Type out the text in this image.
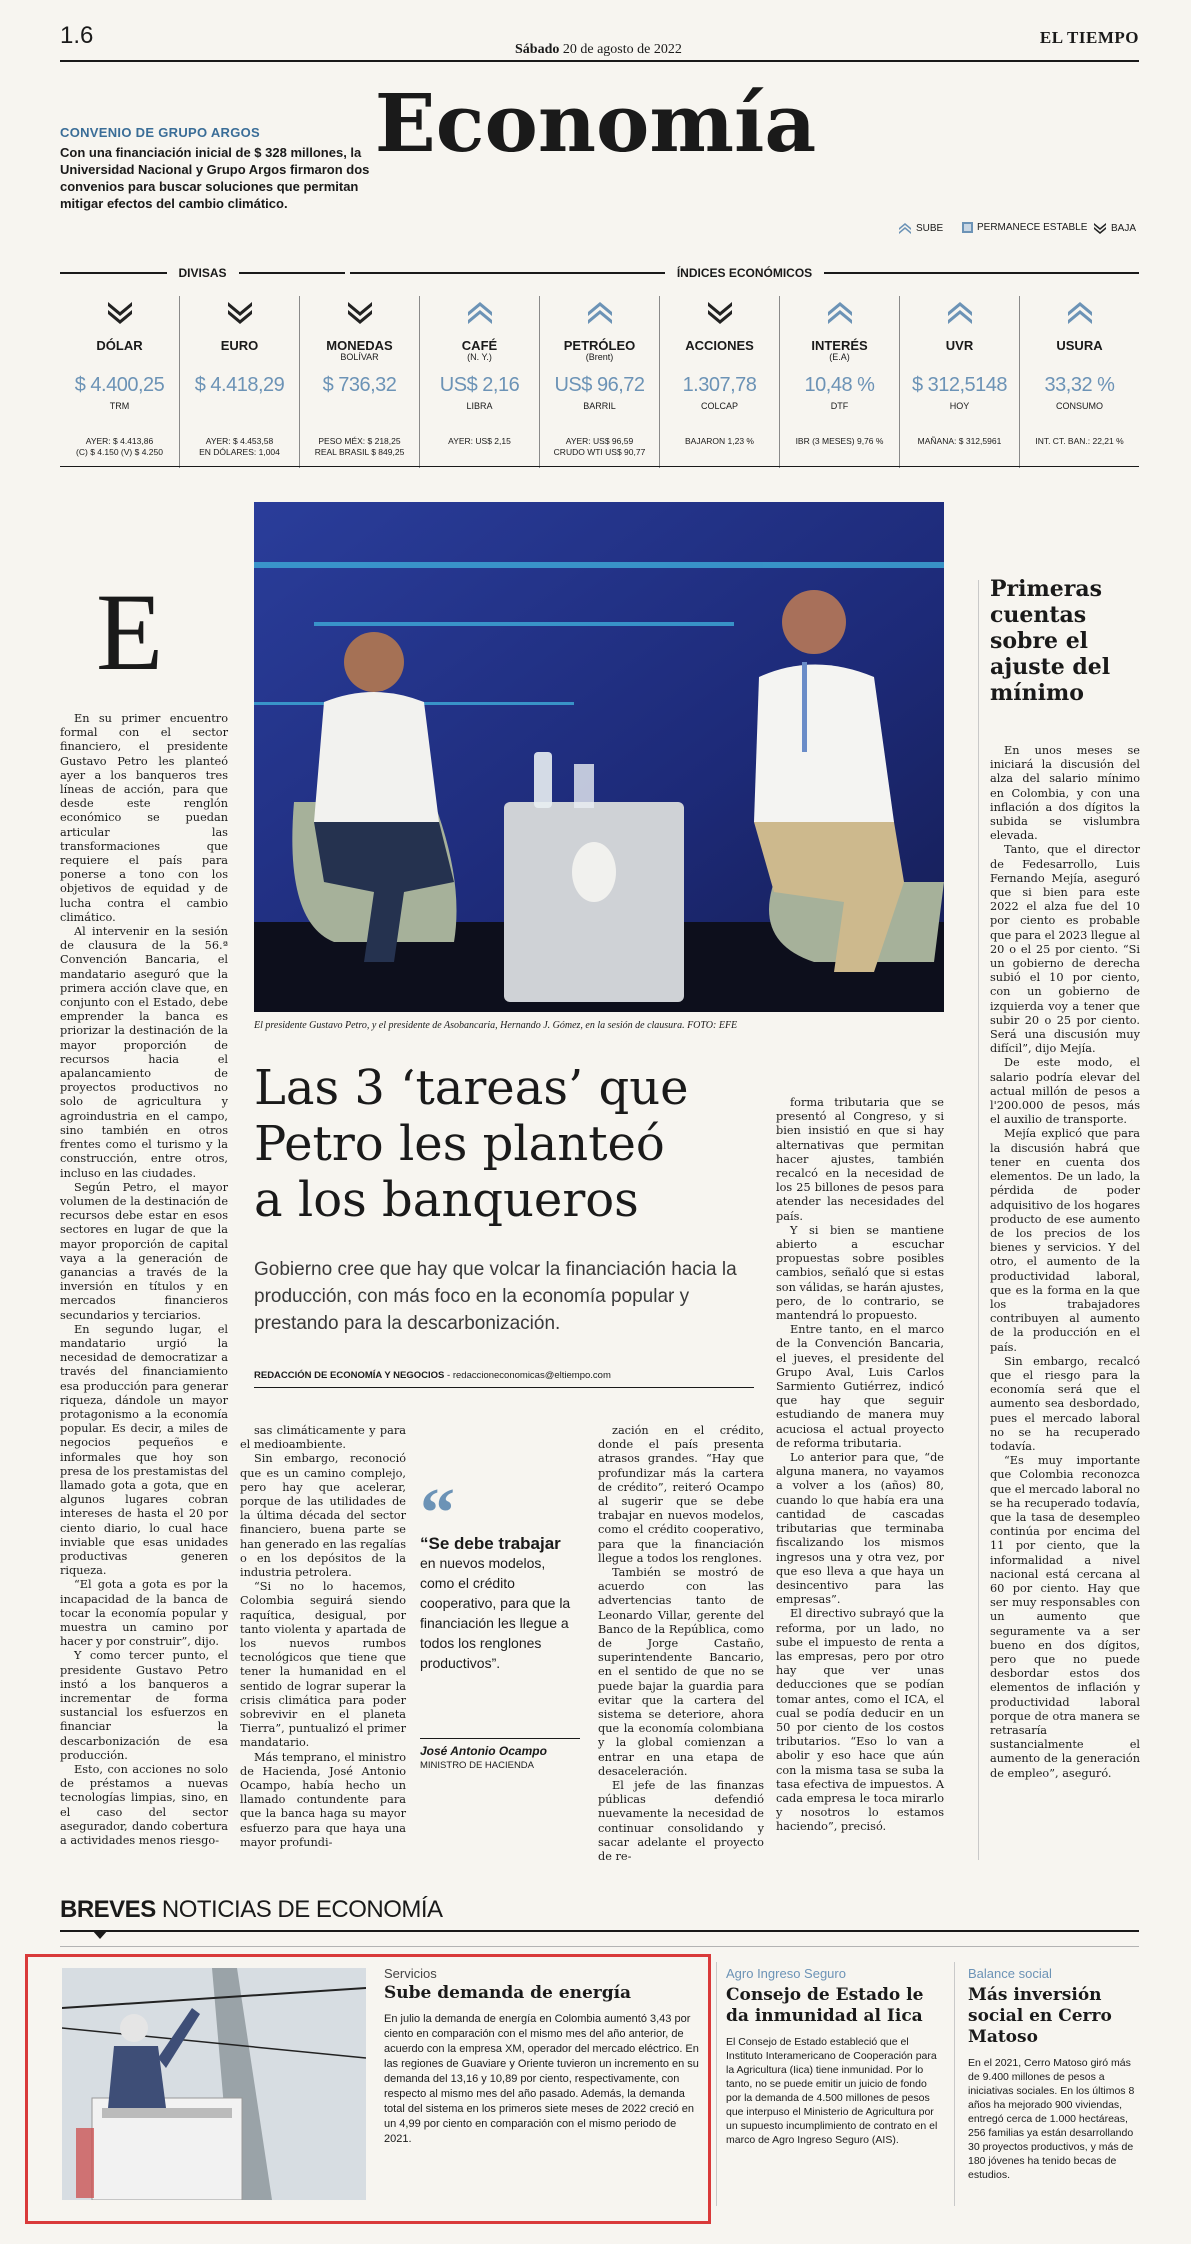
1.6
Sábado 20 de agosto de 2022
EL TIEMPO
Economía
CONVENIO DE GRUPO ARGOS
Con una financiación inicial de $ 328 millones, la Universidad Nacional y Grupo Argos firmaron dos convenios para buscar soluciones que permitan mitigar efectos del cambio climático.
SUBE	PERMANECE ESTABLE BAJA
DIVISAS	ÍNDICES ECONÓMICOS
DÓLAR
$ 4.400,25
TRM
AYER: $ 4.413,86
(C) $ 4.150 (V) $ 4.250
EURO
$ 4.418,29
AYER: $ 4.453,58
EN DÓLARES: 1,004
MONEDAS
BOLÍVAR
$ 736,32
PESO MÉX: $ 218,25
REAL BRASIL $ 849,25
CAFÉ
(N. Y.)
US$ 2,16
LIBRA
AYER: US$ 2,15
PETRÓLEO
(Brent)
US$ 96,72
BARRIL
AYER: US$ 96,59
CRUDO WTI US$ 90,77
ACCIONES
1.307,78
COLCAP
BAJARON 1,23 %
INTERÉS
(E.A)
10,48 %
DTF
IBR (3 MESES) 9,76 %
UVR
$ 312,5148
HOY
MAÑANA: $ 312,5961
USURA
33,32 %
CONSUMO
INT. CT. BAN.: 22,21 %
El presidente Gustavo Petro, y el presidente de Asobancaria, Hernando J. Gómez, en la sesión de clausura. FOTO: EFE
E

En su primer encuentro formal con el sector financiero, el presidente Gustavo Petro les planteó ayer a los banqueros tres líneas de acción, para que desde este renglón económico se puedan articular las transformaciones que requiere el país para ponerse a tono con los objetivos de equidad y de lucha contra el cambio climático.

Al intervenir en la sesión de clausura de la 56.ª Convención Bancaria, el mandatario aseguró que la primera acción clave que, en conjunto con el Estado, debe emprender la banca es priorizar la destinación de la mayor proporción de recursos hacia el apalancamiento de proyectos productivos no solo de agricultura y agroindustria en el campo, sino también en otros frentes como el turismo y la construcción, entre otros, incluso en las ciudades.

Según Petro, el mayor volumen de la destinación de recursos debe estar en esos sectores en lugar de que la mayor proporción de capital vaya a la generación de ganancias a través de la inversión en títulos y en mercados financieros secundarios y terciarios.

En segundo lugar, el mandatario urgió la necesidad de democratizar a través del financiamiento esa producción para generar riqueza, dándole un mayor protagonismo a la economía popular. Es decir, a miles de negocios pequeños e informales que hoy son presa de los prestamistas del llamado gota a gota, que en algunos lugares cobran intereses de hasta el 20 por ciento diario, lo cual hace inviable que esas unidades productivas generen riqueza.

“El gota a gota es por la incapacidad de la banca de tocar la economía popular y muestra un camino por hacer y por construir”, dijo.

Y como tercer punto, el presidente Gustavo Petro instó a los banqueros a incrementar de forma sustancial los esfuerzos en financiar la descarbonización de esa producción.

Esto, con acciones no solo de préstamos a nuevas tecnologías limpias, sino, en el caso del sector asegurador, dando cobertura a actividades menos riesgo-

Las 3 ‘tareas’ que Petro les planteó a los banqueros
Gobierno cree que hay que volcar la financiación hacia la producción, con más foco en la economía popular y prestando para la descarbonización.
REDACCIÓN DE ECONOMÍA Y NEGOCIOS - redaccioneconomicas@eltiempo.com

sas climáticamente y para el medioambiente.

Sin embargo, reconoció que es un camino complejo, pero hay que acelerar, porque de las utilidades de la última década del sector financiero, buena parte se han generado en las regalías o en los depósitos de la industria petrolera.

“Si no lo hacemos, Colombia seguirá siendo raquítica, desigual, por tanto violenta y apartada de los nuevos rumbos tecnológicos que tiene que tener la humanidad en el sentido de lograr superar la crisis climática para poder sobrevivir en el planeta Tierra”, puntualizó el primer mandatario.

Más temprano, el ministro de Hacienda, José Antonio Ocampo, había hecho un llamado contundente para que la banca haga su mayor esfuerzo para que haya una mayor profundi-

“
“Se debe trabajar
en nuevos modelos, como el crédito cooperativo, para que la financiación les llegue a todos los renglones productivos”.
José Antonio Ocampo
MINISTRO DE HACIENDA

zación en el crédito, donde el país presenta atrasos grandes. “Hay que profundizar más la cartera de crédito”, reiteró Ocampo al sugerir que se debe trabajar en nuevos modelos, como el crédito cooperativo, para que la financiación llegue a todos los renglones.

También se mostró de acuerdo con las advertencias tanto de Leonardo Villar, gerente del Banco de la República, como de Jorge Castaño, superintendente Bancario, en el sentido de que no se puede bajar la guardia para evitar que la cartera del sistema se deteriore, ahora que la economía colombiana y la global comienzan a entrar en una etapa de desaceleración.

El jefe de las finanzas públicas defendió nuevamente la necesidad de continuar consolidando y sacar adelante el proyecto de re-

forma tributaria que se presentó al Congreso, y si bien insistió en que si hay alternativas que permitan hacer ajustes, también recalcó en la necesidad de los 25 billones de pesos para atender las necesidades del país.

Y si bien se mantiene abierto a escuchar propuestas sobre posibles cambios, señaló que si estas son válidas, se harán ajustes, pero, de lo contrario, se mantendrá lo propuesto.

Entre tanto, en el marco de la Convención Bancaria, el jueves, el presidente del Grupo Aval, Luis Carlos Sarmiento Gutiérrez, indicó que hay que seguir estudiando de manera muy acuciosa el actual proyecto de reforma tributaria.

Lo anterior para que, “de alguna manera, no vayamos a volver a los (años) 80, cuando lo que había era una cantidad de cascadas tributarias que terminaba fiscalizando los mismos ingresos una y otra vez, por que eso lleva a que haya un desincentivo para las empresas”.

El directivo subrayó que la reforma, por un lado, no sube el impuesto de renta a las empresas, pero por otro hay que ver unas deducciones que se podían tomar antes, como el ICA, el cual se podía deducir en un 50 por ciento de los costos tributarios. “Eso lo van a abolir y eso hace que aún con la misma tasa se suba la tasa efectiva de impuestos. A cada empresa le toca mirarlo y nosotros lo estamos haciendo”, precisó.

Primeras cuentas sobre el ajuste del mínimo

En unos meses se iniciará la discusión del alza del salario mínimo en Colombia, y con una inflación a dos dígitos la subida se vislumbra elevada.

Tanto, que el director de Fedesarrollo, Luis Fernando Mejía, aseguró que si bien para este 2022 el alza fue del 10 por ciento es probable que para el 2023 llegue al 20 o el 25 por ciento. “Si un gobierno de derecha subió el 10 por ciento, con un gobierno de izquierda voy a tener que subir 20 o 25 por ciento. Será una discusión muy difícil”, dijo Mejía.

De este modo, el salario podría elevar del actual millón de pesos a l'200.000 de pesos, más el auxilio de transporte.

Mejía explicó que para la discusión habrá que tener en cuenta dos elementos. De un lado, la pérdida de poder adquisitivo de los hogares producto de ese aumento de los precios de los bienes y servicios. Y del otro, el aumento de la productividad laboral, que es la forma en la que los trabajadores contribuyen al aumento de la producción en el país.

Sin embargo, recalcó que el riesgo para la economía será que el aumento sea desbordado, pues el mercado laboral no se ha recuperado todavía.

“Es muy importante que Colombia reconozca que el mercado laboral no se ha recuperado todavía, que la tasa de desempleo continúa por encima del 11 por ciento, que la informalidad a nivel nacional está cercana al 60 por ciento. Hay que ser muy responsables con un aumento que seguramente va a ser bueno en dos dígitos, pero que no puede desbordar estos dos elementos de inflación y productividad laboral porque de otra manera se retrasaría sustancialmente el aumento de la generación de empleo”, aseguró.

BREVES NOTICIAS DE ECONOMÍA
Servicios
Sube demanda de energía
En julio la demanda de energía en Colombia aumentó 3,43 por ciento en comparación con el mismo mes del año anterior, de acuerdo con la empresa XM, operador del mercado eléctrico. En las regiones de Guaviare y Oriente tuvieron un incremento en su demanda del 13,16 y 10,89 por ciento, respectivamente, con respecto al mismo mes del año pasado. Además, la demanda total del sistema en los primeros siete meses de 2022 creció en un 4,99 por ciento en comparación con el mismo periodo de 2021.
Agro Ingreso Seguro
Consejo de Estado le da inmunidad al Iica
El Consejo de Estado estableció que el Instituto Interamericano de Cooperación para la Agricultura (Iica) tiene inmunidad. Por lo tanto, no se puede emitir un juicio de fondo por la demanda de 4.500 millones de pesos que interpuso el Ministerio de Agricultura por un supuesto incumplimiento de contrato en el marco de Agro Ingreso Seguro (AIS).
Balance social
Más inversión social en Cerro Matoso
En el 2021, Cerro Matoso giró más de 9.400 millones de pesos a iniciativas sociales. En los últimos 8 años ha mejorado 900 viviendas, entregó cerca de 1.000 hectáreas, 256 familias ya están desarrollando 30 proyectos productivos, y más de 180 jóvenes ha tenido becas de estudios.
